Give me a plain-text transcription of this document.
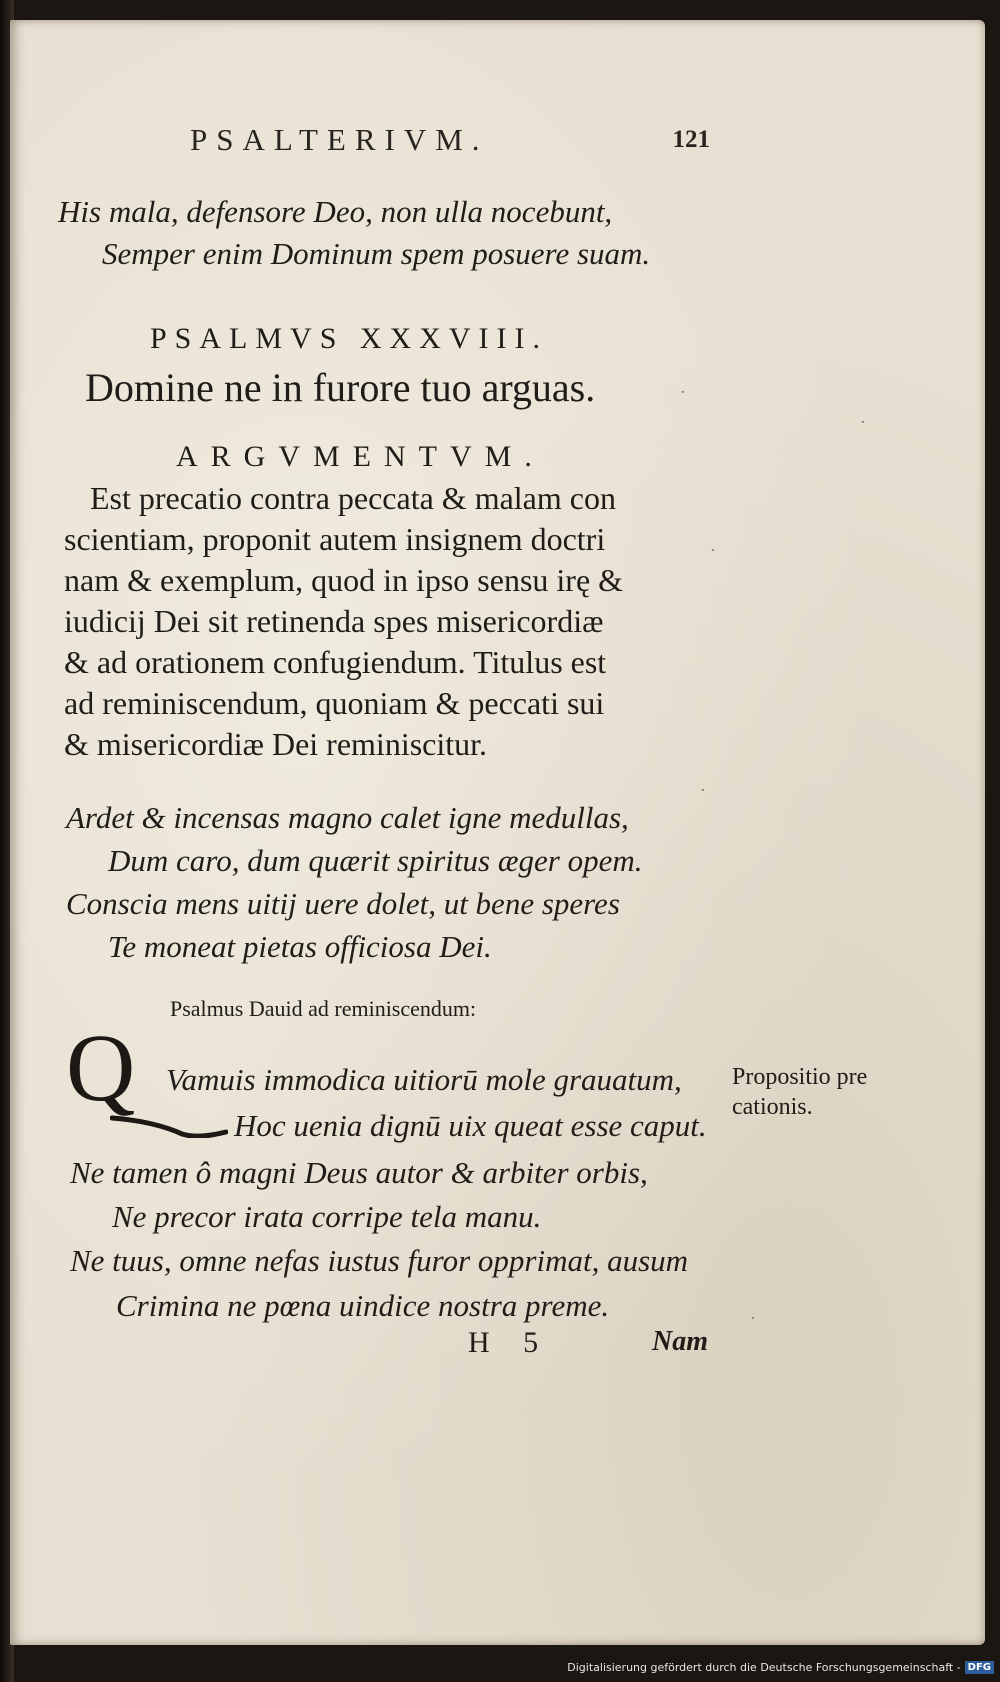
·
·
·
·
·
PSALTERIVM.	121
His mala, defensore Deo, non ulla nocebunt,
Semper enim Dominum spem posuere suam.
PSALMVS XXXVIII.
Domine ne in furore tuo arguas.
ARGVMENTVM.
Est precatio contra peccata & malam con
scientiam, proponit autem insignem doctri
nam & exemplum, quod in ipso sensu irę &
iudicij Dei sit retinenda spes misericordiæ
& ad orationem confugiendum. Titulus est
ad reminiscendum, quoniam & peccati sui
& misericordiæ Dei reminiscitur.
Ardet & incensas magno calet igne medullas,
Dum caro, dum quærit spiritus æger opem.
Conscia mens uitij uere dolet, ut bene speres
Te moneat pietas officiosa Dei.
Psalmus Dauid ad reminiscendum:
Q Vamuis immodica uitiorū mole grauatum,
Hoc uenia dignū uix queat esse caput.
Ne tamen ô magni Deus autor & arbiter orbis,
Ne precor irata corripe tela manu.
Ne tuus, omne nefas iustus furor opprimat, ausum
Crimina ne pœna uindice nostra preme.
Propositio pre
cationis.
H 5	Nam
Digitalisierung gefördert durch die Deutsche Forschungsgemeinschaft - DFG
